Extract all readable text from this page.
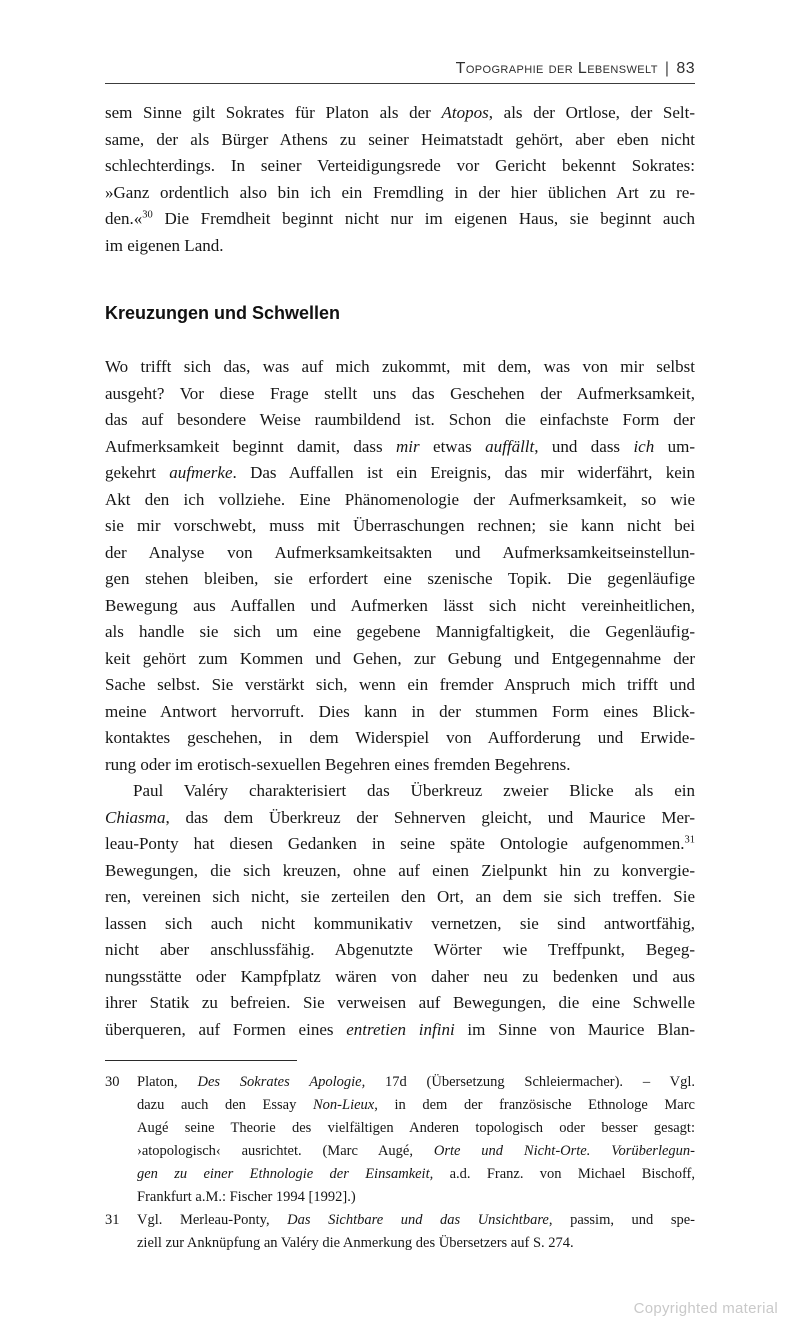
Topographie der Lebenswelt | 83
sem Sinne gilt Sokrates für Platon als der Atopos, als der Ortlose, der Selt-
same, der als Bürger Athens zu seiner Heimatstadt gehört, aber eben nicht
schlechterdings. In seiner Verteidigungsrede vor Gericht bekennt Sokrates:
»Ganz ordentlich also bin ich ein Fremdling in der hier üblichen Art zu re-
den.«$^{30}$ Die Fremdheit beginnt nicht nur im eigenen Haus, sie beginnt auch
im eigenen Land.
Kreuzungen und Schwellen
Wo trifft sich das, was auf mich zukommt, mit dem, was von mir selbst
ausgeht? Vor diese Frage stellt uns das Geschehen der Aufmerksamkeit,
das auf besondere Weise raumbildend ist. Schon die einfachste Form der
Aufmerksamkeit beginnt damit, dass mir etwas auffällt, und dass ich um-
gekehrt aufmerke. Das Auffallen ist ein Ereignis, das mir widerfährt, kein
Akt den ich vollziehe. Eine Phänomenologie der Aufmerksamkeit, so wie
sie mir vorschwebt, muss mit Überraschungen rechnen; sie kann nicht bei
der Analyse von Aufmerksamkeitsakten und Aufmerksamkeitseinstellun-
gen stehen bleiben, sie erfordert eine szenische Topik. Die gegenläufige
Bewegung aus Auffallen und Aufmerken lässt sich nicht vereinheitlichen,
als handle sie sich um eine gegebene Mannigfaltigkeit, die Gegenläufig-
keit gehört zum Kommen und Gehen, zur Gebung und Entgegennahme der
Sache selbst. Sie verstärkt sich, wenn ein fremder Anspruch mich trifft und
meine Antwort hervorruft. Dies kann in der stummen Form eines Blick-
kontaktes geschehen, in dem Widerspiel von Aufforderung und Erwide-
rung oder im erotisch-sexuellen Begehren eines fremden Begehrens.
Paul Valéry charakterisiert das Überkreuz zweier Blicke als ein
Chiasma, das dem Überkreuz der Sehnerven gleicht, und Maurice Mer-
leau-Ponty hat diesen Gedanken in seine späte Ontologie aufgenommen.$^{31}$
Bewegungen, die sich kreuzen, ohne auf einen Zielpunkt hin zu konvergie-
ren, vereinen sich nicht, sie zerteilen den Ort, an dem sie sich treffen. Sie
lassen sich auch nicht kommunikativ vernetzen, sie sind antwortfähig,
nicht aber anschlussfähig. Abgenutzte Wörter wie Treffpunkt, Begeg-
nungsstätte oder Kampfplatz wären von daher neu zu bedenken und aus
ihrer Statik zu befreien. Sie verweisen auf Bewegungen, die eine Schwelle
überqueren, auf Formen eines entretien infini im Sinne von Maurice Blan-
30	Platon, Des Sokrates Apologie, 17d (Übersetzung Schleiermacher). – Vgl.
dazu auch den Essay Non-Lieux, in dem der französische Ethnologe Marc
Augé seine Theorie des vielfältigen Anderen topologisch oder besser gesagt:
›atopologisch‹ ausrichtet. (Marc Augé, Orte und Nicht-Orte. Vorüberlegun-
gen zu einer Ethnologie der Einsamkeit, a.d. Franz. von Michael Bischoff,
Frankfurt a.M.: Fischer 1994 [1992].)
31	Vgl. Merleau-Ponty, Das Sichtbare und das Unsichtbare, passim, und spe-
ziell zur Anknüpfung an Valéry die Anmerkung des Übersetzers auf S. 274.
Copyrighted material
